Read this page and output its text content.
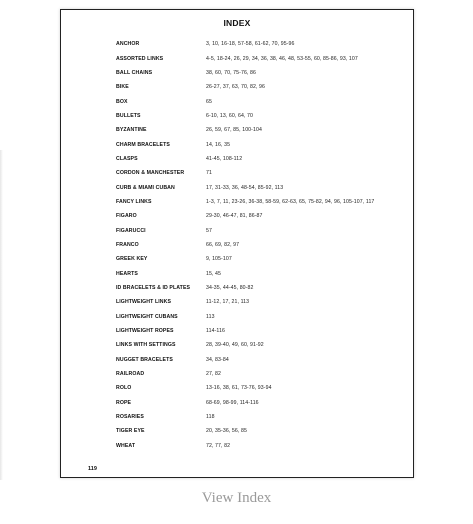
INDEX
ANCHOR	3, 10, 16-18, 57-58, 61-62, 70, 95-96
ASSORTED LINKS	4-5, 18-24, 26, 29, 34, 36, 38, 46, 48, 53-55, 60, 85-86, 93, 107
BALL CHAINS	38, 60, 70, 75-76, 86
BIKE	26-27, 37, 63, 70, 82, 96
BOX	65
BULLETS	6-10, 13, 60, 64, 70
BYZANTINE	26, 59, 67, 85, 100-104
CHARM BRACELETS	14, 16, 35
CLASPS	41-45, 108-112
CORDON & MANCHESTER	71
CURB & MIAMI CUBAN	17, 31-33, 36, 48-54, 85-92, 113
FANCY LINKS	1-3, 7, 11, 23-26, 36-38, 58-59, 62-63, 65, 75-82, 94, 96, 105-107, 117
FIGARO	29-30, 46-47, 81, 86-87
FIGARUCCI	57
FRANCO	66, 69, 82, 97
GREEK KEY	9, 105-107
HEARTS	15, 45
ID BRACELETS & ID PLATES	34-35, 44-45, 80-82
LIGHTWEIGHT LINKS	11-12, 17, 21, 113
LIGHTWEIGHT CUBANS	113
LIGHTWEIGHT ROPES	114-116
LINKS WITH SETTINGS	28, 39-40, 49, 60, 91-92
NUGGET BRACELETS	34, 83-84
RAILROAD	27, 82
ROLO	13-16, 38, 61, 73-76, 93-94
ROPE	68-69, 98-99, 114-116
ROSARIES	118
TIGER EYE	20, 35-36, 56, 85
WHEAT	72, 77, 82
119
View Index
